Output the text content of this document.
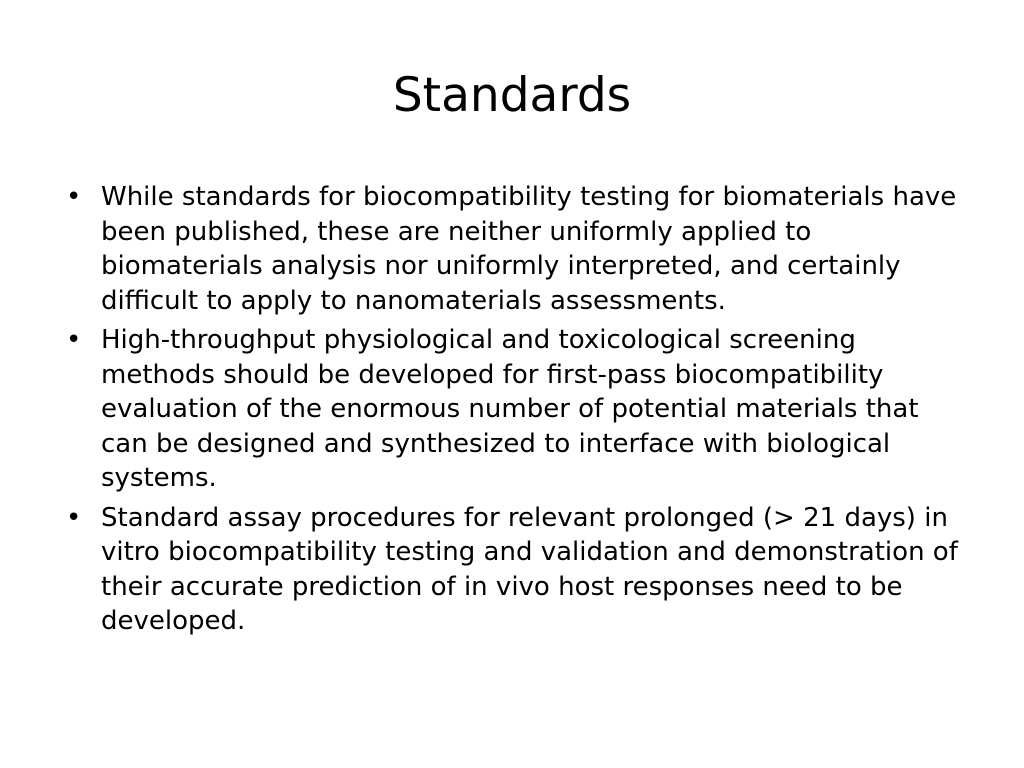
Standards
• While standards for biocompatibility testing for biomaterials have been published, these are neither uniformly applied to biomaterials analysis nor uniformly interpreted, and certainly difficult to apply to nanomaterials assessments.
• High-throughput physiological and toxicological screening methods should be developed for first-pass biocompatibility evaluation of the enormous number of potential materials that can be designed and synthesized to interface with biological systems.
• Standard assay procedures for relevant prolonged (> 21 days) in vitro biocompatibility testing and validation and demonstration of their accurate prediction of in vivo host responses need to be developed.
